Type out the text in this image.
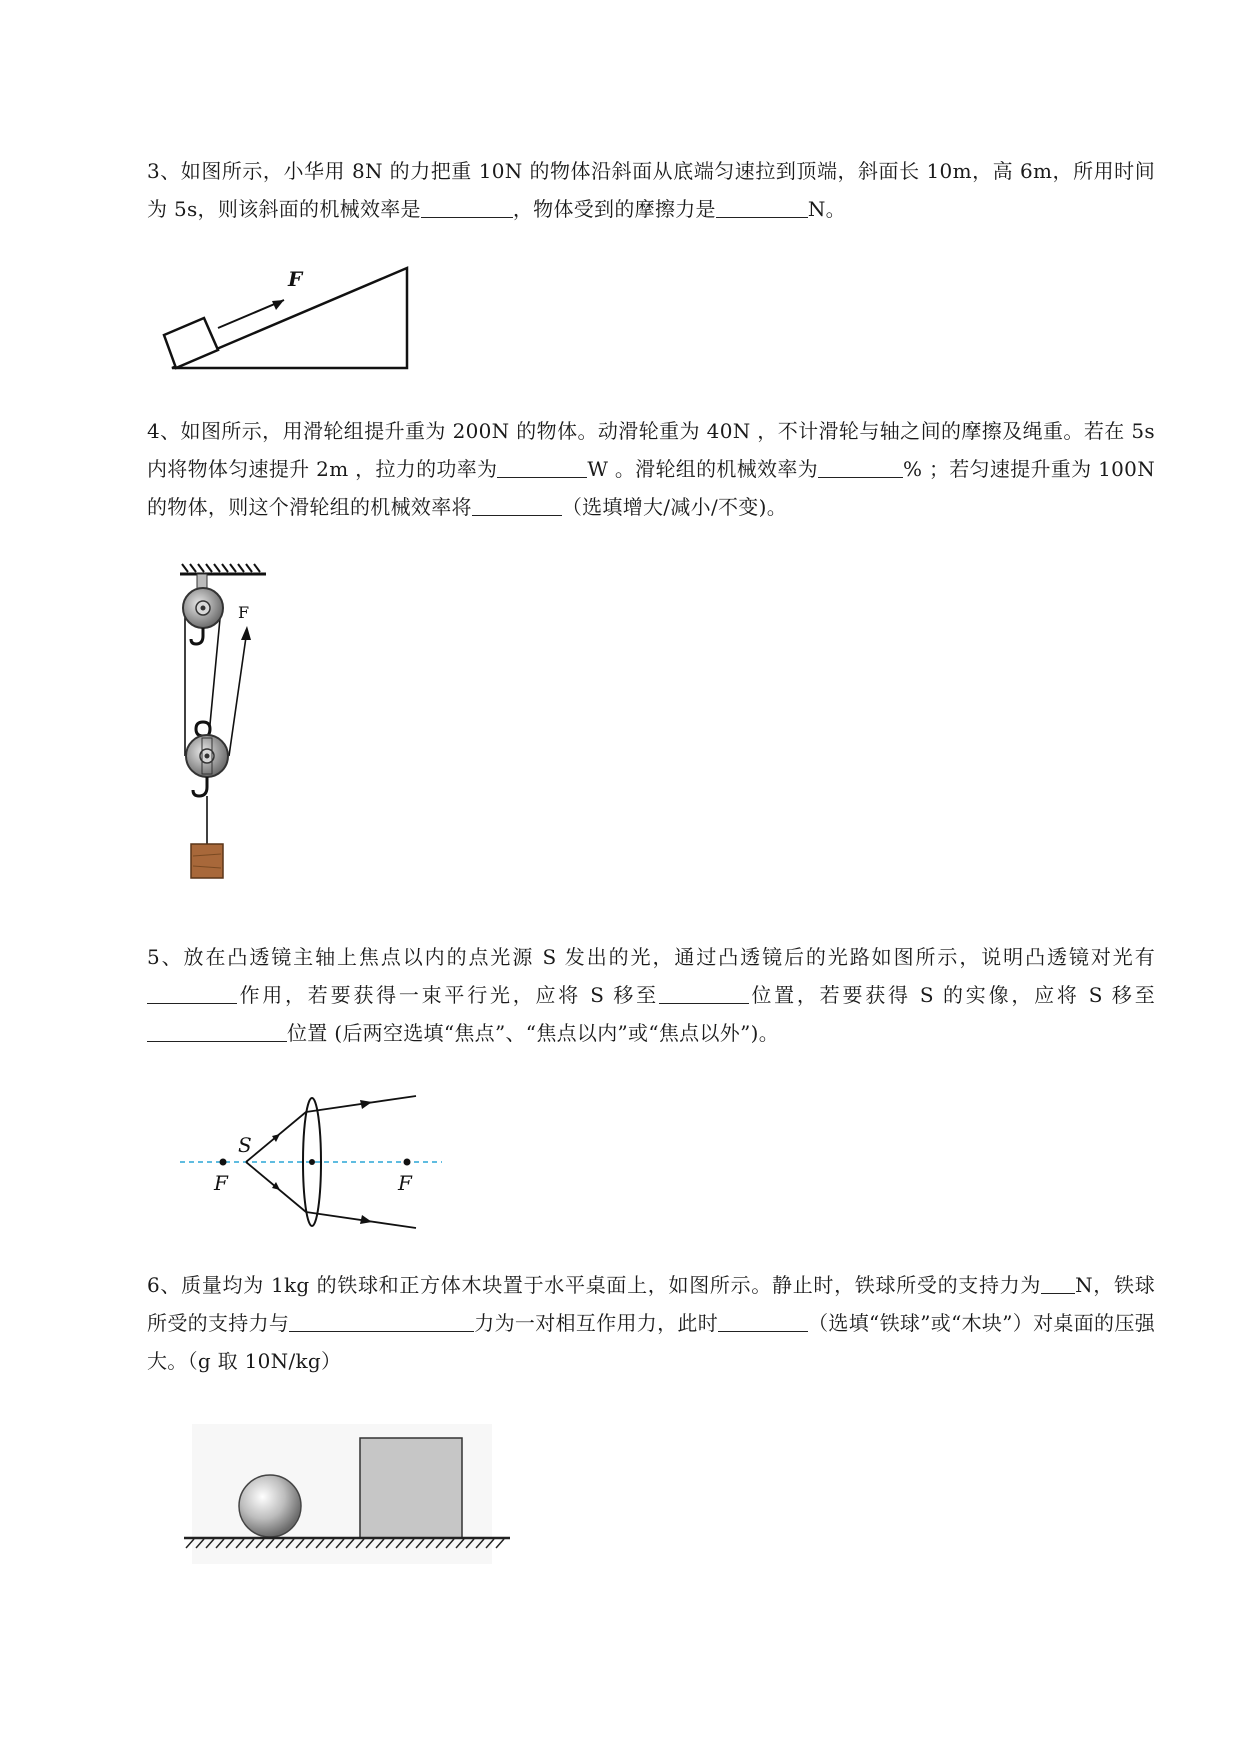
3、如图所示，小华用 8N 的力把重 10N 的物体沿斜面从底端匀速拉到顶端，斜面长 10m，高 6m，所用时间为 5s，则该斜面的机械效率是	，物体受到的摩擦力是	N。
F
4、如图所示，用滑轮组提升重为 200N 的物体。动滑轮重为 40N ，不计滑轮与轴之间的摩擦及绳重。若在 5s 内将物体匀速提升 2m ，拉力的功率为	W 。滑轮组的机械效率为	% ；若匀速提升重为 100N 的物体，则这个滑轮组的机械效率将	（选填增大/减小/不变)。
F
5、放在凸透镜主轴上焦点以内的点光源 S 发出的光，通过凸透镜后的光路如图所示，说明凸透镜对光有作用，若要获得一束平行光，应将 S 移至	位置，若要获得 S 的实像，应将 S 移至位置 (后两空选填“焦点”、“焦点以内”或“焦点以外”)。
S
F	F
6、质量均为 1kg 的铁球和正方体木块置于水平桌面上，如图所示。静止时，铁球所受的支持力为 N，铁球所受的支持力与	力为一对相互作用力，此时	（选填“铁球”或“木块”）对桌面的压强大。（g 取 10N/kg）
